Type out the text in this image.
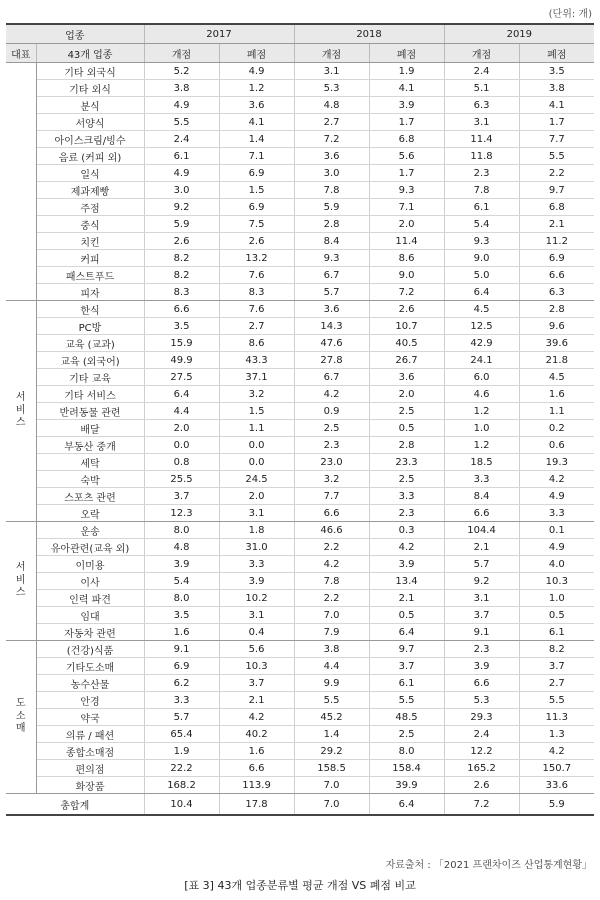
(단위: 개)
업종		2017		2018		2019	
대표	43개 업종	개점	폐점	개점	폐점	개점	폐점

	기타 외국식	5.2	4.9	3.1	1.9	2.4	3.5
	기타 외식	3.8	1.2	5.3	4.1	5.1	3.8
	분식	4.9	3.6	4.8	3.9	6.3	4.1
	서양식	5.5	4.1	2.7	1.7	3.1	1.7
	아이스크림/빙수	2.4	1.4	7.2	6.8	11.4	7.7
	음료 (커피 외)	6.1	7.1	3.6	5.6	11.8	5.5
	일식	4.9	6.9	3.0	1.7	2.3	2.2
	제과제빵	3.0	1.5	7.8	9.3	7.8	9.7
	주점	9.2	6.9	5.9	7.1	6.1	6.8
	중식	5.9	7.5	2.8	2.0	5.4	2.1
	치킨	2.6	2.6	8.4	11.4	9.3	11.2
	커피	8.2	13.2	9.3	8.6	9.0	6.9
	패스트푸드	8.2	7.6	6.7	9.0	5.0	6.6
	피자	8.3	8.3	5.7	7.2	6.4	6.3

서비스	한식	6.6	7.6	3.6	2.6	4.5	2.8
	PC방	3.5	2.7	14.3	10.7	12.5	9.6
	교육 (교과)	15.9	8.6	47.6	40.5	42.9	39.6
	교육 (외국어)	49.9	43.3	27.8	26.7	24.1	21.8
	기타 교육	27.5	37.1	6.7	3.6	6.0	4.5
	기타 서비스	6.4	3.2	4.2	2.0	4.6	1.6
	반려동물 관련	4.4	1.5	0.9	2.5	1.2	1.1
	배달	2.0	1.1	2.5	0.5	1.0	0.2
	부동산 중개	0.0	0.0	2.3	2.8	1.2	0.6
	세탁	0.8	0.0	23.0	23.3	18.5	19.3
	숙박	25.5	24.5	3.2	2.5	3.3	4.2
	스포츠 관련	3.7	2.0	7.7	3.3	8.4	4.9
	오락	12.3	3.1	6.6	2.3	6.6	3.3

서비스	운송	8.0	1.8	46.6	0.3	104.4	0.1
	유아관련(교육 외)	4.8	31.0	2.2	4.2	2.1	4.9
	이미용	3.9	3.3	4.2	3.9	5.7	4.0
	이사	5.4	3.9	7.8	13.4	9.2	10.3
	인력 파견	8.0	10.2	2.2	2.1	3.1	1.0
	임대	3.5	3.1	7.0	0.5	3.7	0.5
	자동차 관련	1.6	0.4	7.9	6.4	9.1	6.1

도소매	(건강)식품	9.1	5.6	3.8	9.7	2.3	8.2
	기타도소매	6.9	10.3	4.4	3.7	3.9	3.7
	농수산물	6.2	3.7	9.9	6.1	6.6	2.7
	안경	3.3	2.1	5.5	5.5	5.3	5.5
	약국	5.7	4.2	45.2	48.5	29.3	11.3
	의류 / 패션	65.4	40.2	1.4	2.5	2.4	1.3
	종합소매점	1.9	1.6	29.2	8.0	12.2	4.2
	편의점	22.2	6.6	158.5	158.4	165.2	150.7
	화장품	168.2	113.9	7.0	39.9	2.6	33.6
총합계		10.4	17.8	7.0	6.4	7.2	5.9
자료출처 : 「2021 프랜차이즈 산업통계현황」
[표 3] 43개 업종분류별 평균 개점 VS 폐점 비교
